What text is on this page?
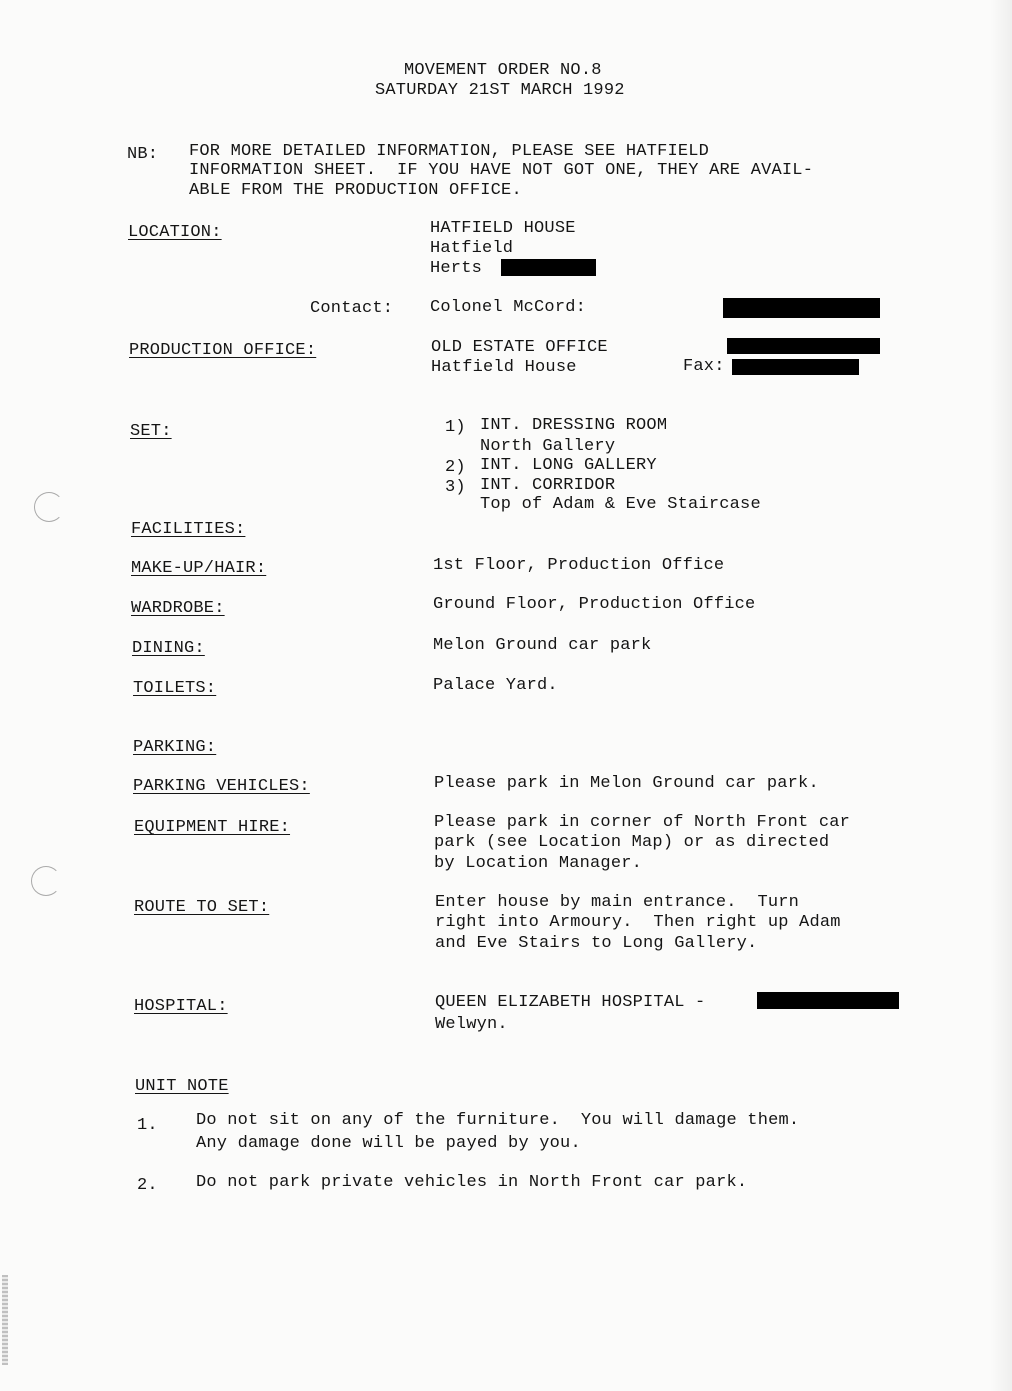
MOVEMENT ORDER NO.8
SATURDAY 21ST MARCH 1992
NB: FOR MORE DETAILED INFORMATION, PLEASE SEE HATFIELD
INFORMATION SHEET.  IF YOU HAVE NOT GOT ONE, THEY ARE AVAIL-
ABLE FROM THE PRODUCTION OFFICE.
LOCATION:	HATFIELD HOUSE
Hatfield
Herts
Contact: Colonel McCord:
PRODUCTION OFFICE:	OLD ESTATE OFFICE
Hatfield House	Fax:
SET:	1) INT. DRESSING ROOM
North Gallery
2) INT. LONG GALLERY
3) INT. CORRIDOR
Top of Adam & Eve Staircase
FACILITIES:
MAKE-UP/HAIR:	1st Floor, Production Office
WARDROBE:	Ground Floor, Production Office
DINING:	Melon Ground car park
TOILETS:	Palace Yard.
PARKING:
PARKING VEHICLES:	Please park in Melon Ground car park.
EQUIPMENT HIRE:	Please park in corner of North Front car
park (see Location Map) or as directed
by Location Manager.
ROUTE TO SET:	Enter house by main entrance.  Turn
right into Armoury.  Then right up Adam
and Eve Stairs to Long Gallery.
HOSPITAL:	QUEEN ELIZABETH HOSPITAL -
Welwyn.
UNIT NOTE
1. Do not sit on any of the furniture.  You will damage them.
Any damage done will be payed by you.
2. Do not park private vehicles in North Front car park.
